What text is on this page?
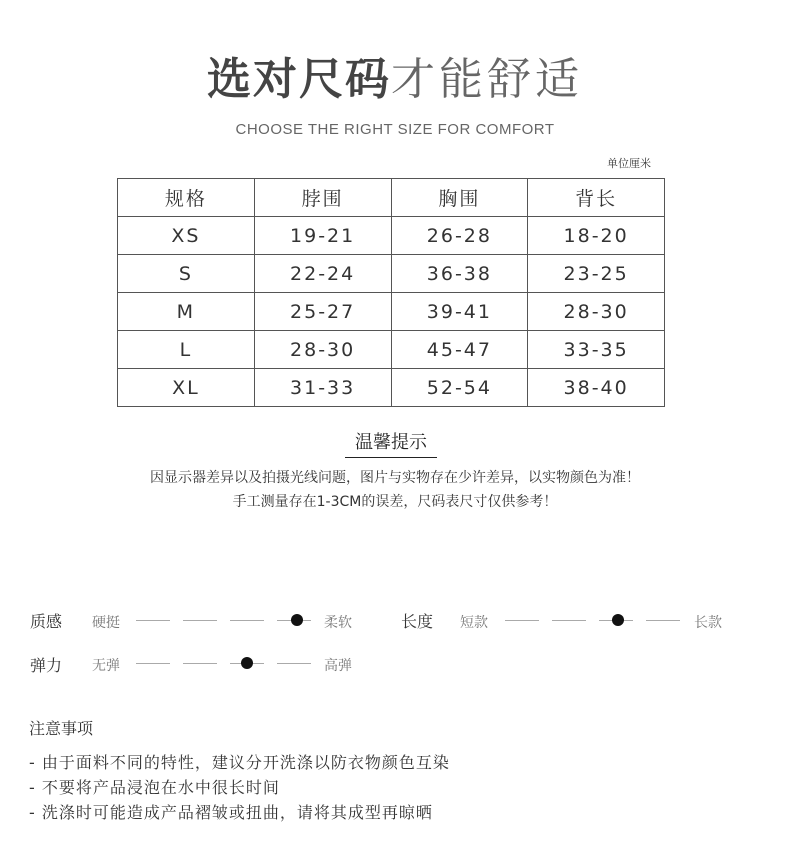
选对尺码才能舒适
CHOOSE THE RIGHT SIZE FOR COMFORT
单位厘米
规格	脖围	胸围	背长
XS	19-21	26-28	18-20
S	22-24	36-38	23-25
M	25-27	39-41	28-30
L	28-30	45-47	33-35
XL	31-33	52-54	38-40
温馨提示
因显示器差异以及拍摄光线问题，图片与实物存在少许差异，以实物颜色为准！
手工测量存在1-3CM的误差，尺码表尺寸仅供参考！
质感 硬挺	柔软	长度 短款	长款
弹力 无弹	高弹
注意事项
- 由于面料不同的特性，建议分开洗涤以防衣物颜色互染
- 不要将产品浸泡在水中很长时间
- 洗涤时可能造成产品褶皱或扭曲，请将其成型再晾晒
